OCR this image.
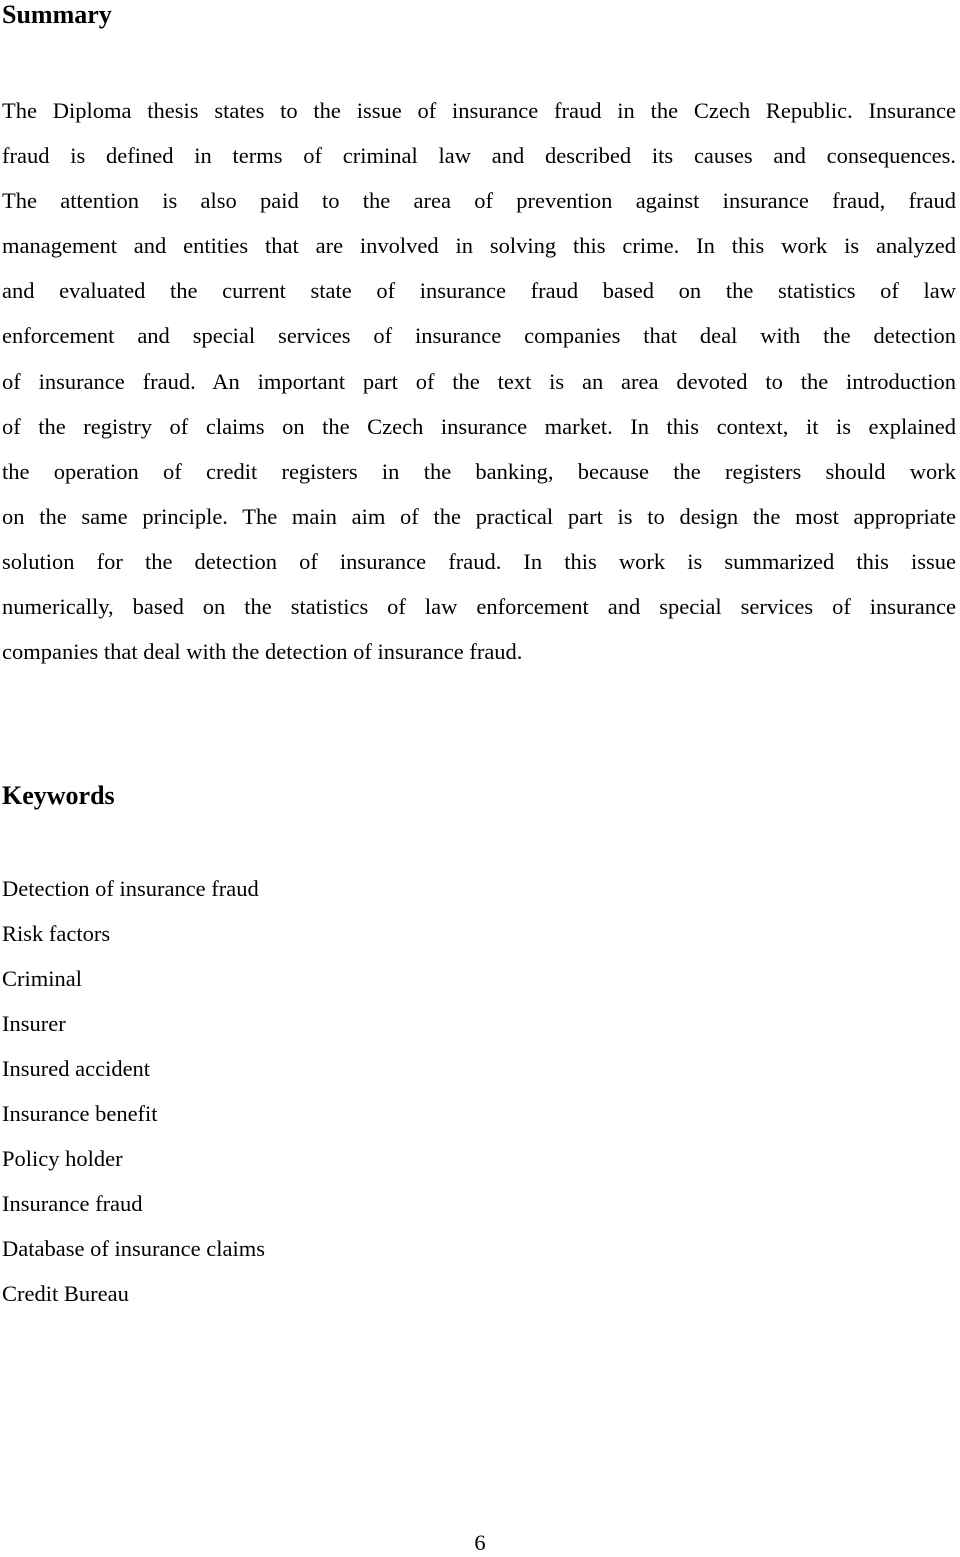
Summary
The Diploma thesis states to the issue of insurance fraud in the Czech Republic. Insurance
fraud is defined in terms of criminal law and described its causes and consequences.
The attention is also paid to the area of prevention against insurance fraud, fraud
management and entities that are involved in solving this crime. In this work is analyzed
and evaluated the current state of insurance fraud based on the statistics of law
enforcement and special services of insurance companies that deal with the detection
of insurance fraud. An important part of the text is an area devoted to the introduction
of the registry of claims on the Czech insurance market. In this context, it is explained
the operation of credit registers in the banking, because the registers should work
on the same principle. The main aim of the practical part is to design the most appropriate
solution for the detection of insurance fraud. In this work is summarized this issue
numerically, based on the statistics of law enforcement and special services of insurance
companies that deal with the detection of insurance fraud.
Keywords
Detection of insurance fraud
Risk factors
Criminal
Insurer
Insured accident
Insurance benefit
Policy holder
Insurance fraud
Database of insurance claims
Credit Bureau
6
